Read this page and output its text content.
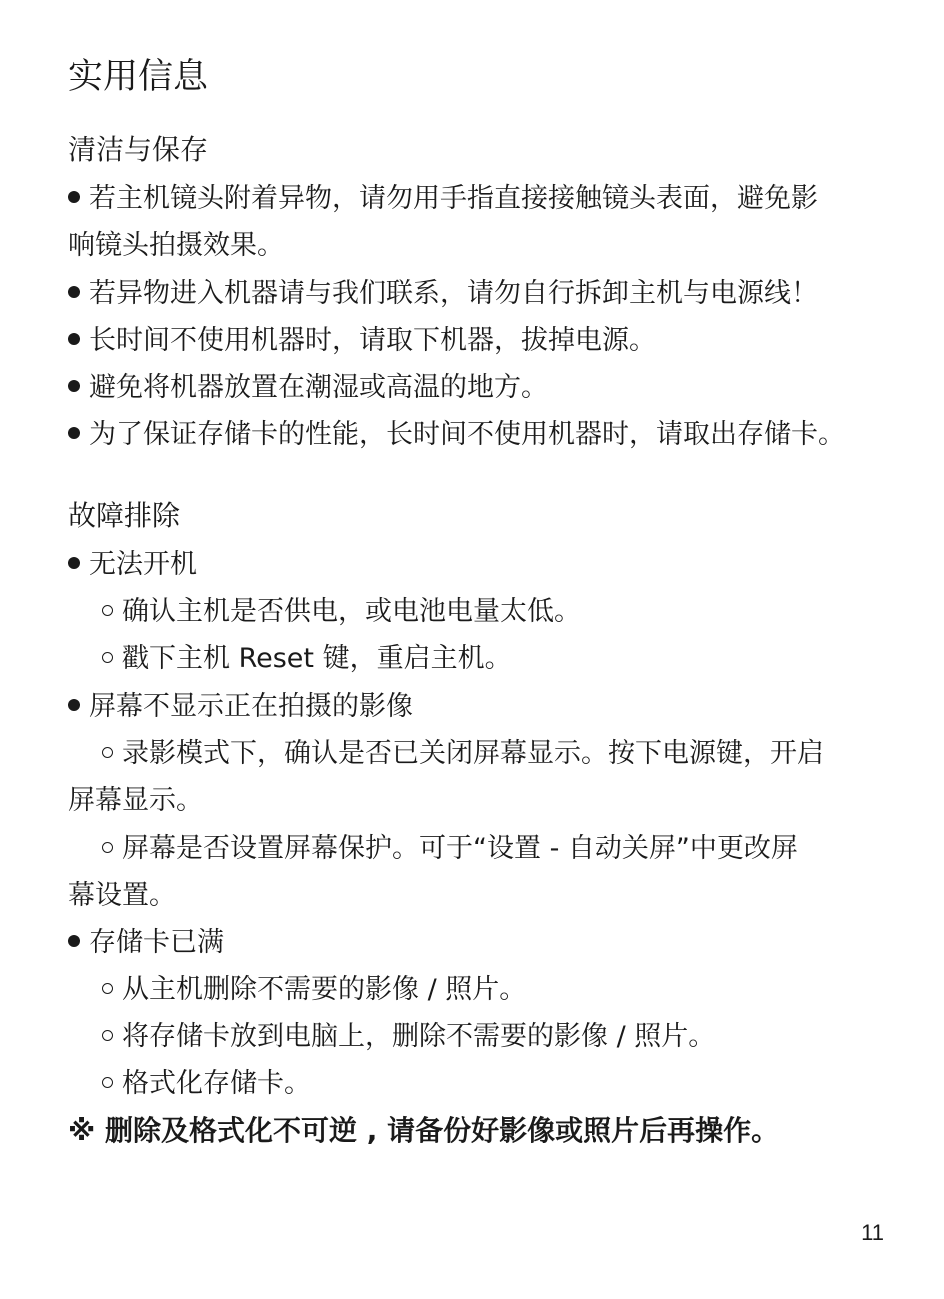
实用信息
清洁与保存
若主机镜头附着异物，请勿用手指直接接触镜头表面，避免影
响镜头拍摄效果。
若异物进入机器请与我们联系，请勿自行拆卸主机与电源线！
长时间不使用机器时，请取下机器，拔掉电源。
避免将机器放置在潮湿或高温的地方。
为了保证存储卡的性能，长时间不使用机器时，请取出存储卡。
故障排除
无法开机
确认主机是否供电，或电池电量太低。
戳下主机 Reset 键，重启主机。
屏幕不显示正在拍摄的影像
录影模式下，确认是否已关闭屏幕显示。按下电源键，开启
屏幕显示。
屏幕是否设置屏幕保护。可于“设置 - 自动关屏”中更改屏
幕设置。
存储卡已满
从主机删除不需要的影像 / 照片。
将存储卡放到电脑上，删除不需要的影像 / 照片。
格式化存储卡。
※ 删除及格式化不可逆 , 请备份好影像或照片后再操作。
11
